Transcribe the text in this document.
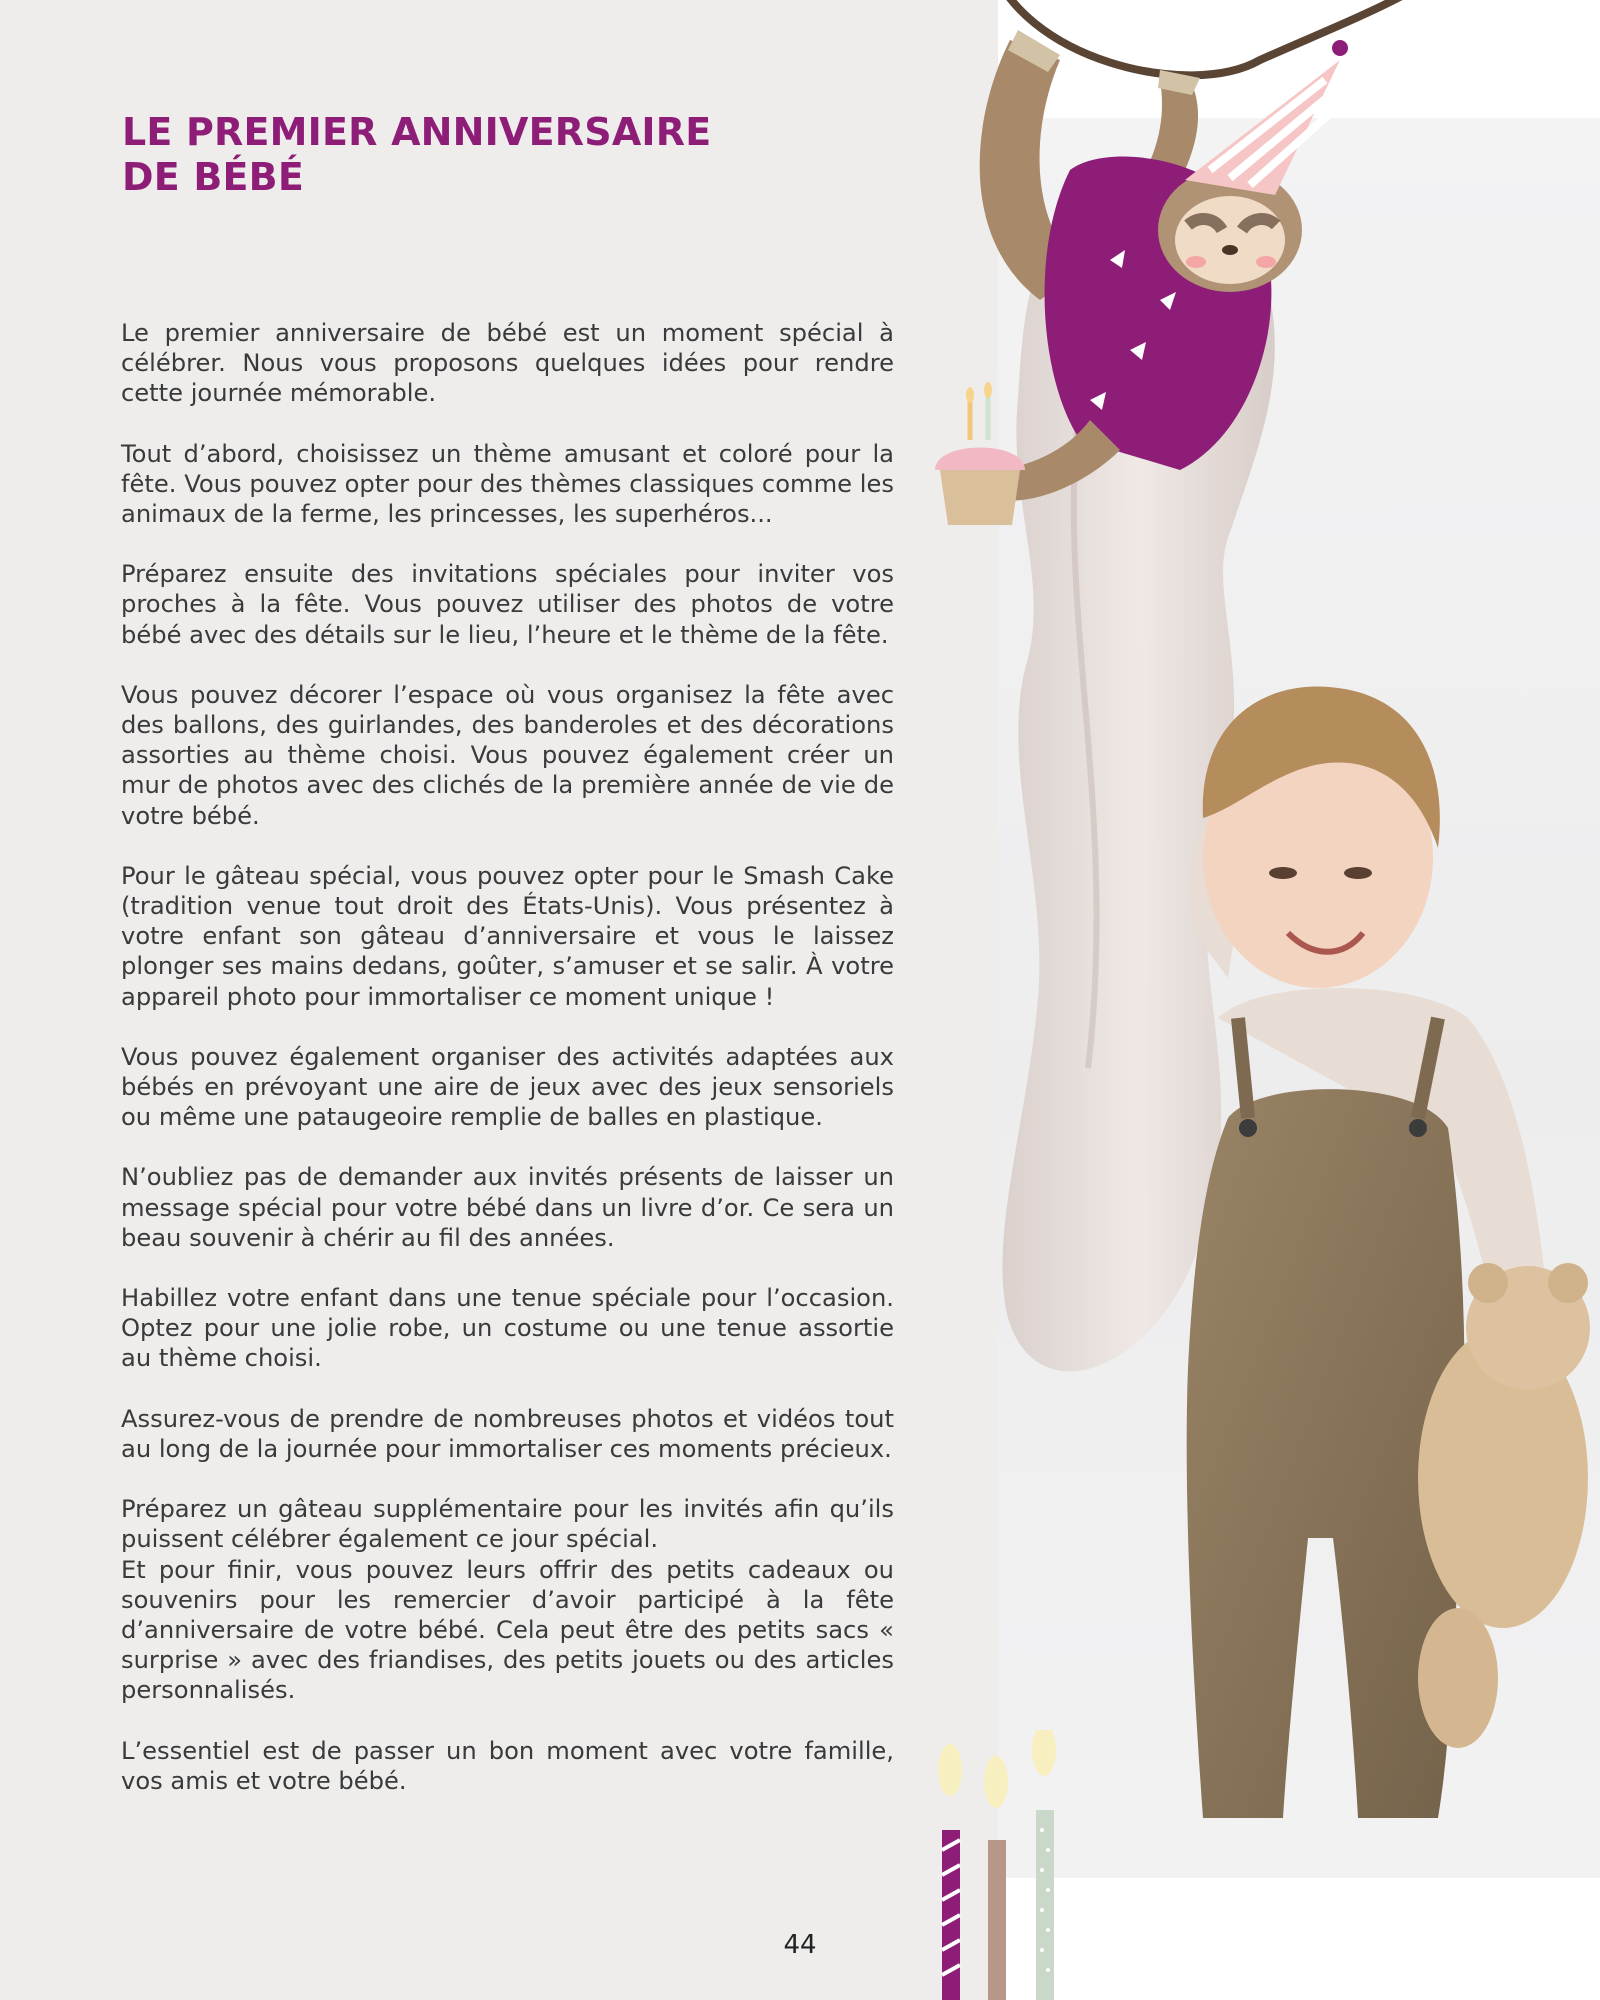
LE PREMIER ANNIVERSAIRE
DE BÉBÉ

Le premier anniversaire de bébé est un moment spécial à célébrer. Nous vous proposons quelques idées pour rendre cette journée mémorable.

Tout d’abord, choisissez un thème amusant et coloré pour la fête. Vous pouvez opter pour des thèmes classiques comme les animaux de la ferme, les princesses, les superhéros...

Préparez ensuite des invitations spéciales pour inviter vos proches à la fête. Vous pouvez utiliser des photos de votre bébé avec des détails sur le lieu, l’heure et le thème de la fête.

Vous pouvez décorer l’espace où vous organisez la fête avec des ballons, des guirlandes, des banderoles et des décorations assorties au thème choisi. Vous pouvez également créer un mur de photos avec des clichés de la première année de vie de votre bébé.

Pour le gâteau spécial, vous pouvez opter pour le Smash Cake (tradition venue tout droit des États-Unis). Vous présentez à votre enfant son gâteau d’anniversaire et vous le laissez plonger ses mains dedans, goûter, s’amuser et se salir. À votre appareil photo pour immortaliser ce moment unique !

Vous pouvez également organiser des activités adaptées aux bébés en prévoyant une aire de jeux avec des jeux sensoriels ou même une pataugeoire remplie de balles en plastique.

N’oubliez pas de demander aux invités présents de laisser un message spécial pour votre bébé dans un livre d’or. Ce sera un beau souvenir à chérir au fil des années.

Habillez votre enfant dans une tenue spéciale pour l’occasion. Optez pour une jolie robe, un costume ou une tenue assortie au thème choisi.

Assurez-vous de prendre de nombreuses photos et vidéos tout au long de la journée pour immortaliser ces moments précieux.

Préparez un gâteau supplémentaire pour les invités afin qu’ils puissent célébrer également ce jour spécial.

Et pour finir, vous pouvez leurs offrir des petits cadeaux ou souvenirs pour les remercier d’avoir participé à la fête d’anniversaire de votre bébé. Cela peut être des petits sacs « surprise » avec des friandises, des petits jouets ou des articles personnalisés.

L’essentiel est de passer un bon moment avec votre famille, vos amis et votre bébé.

44
